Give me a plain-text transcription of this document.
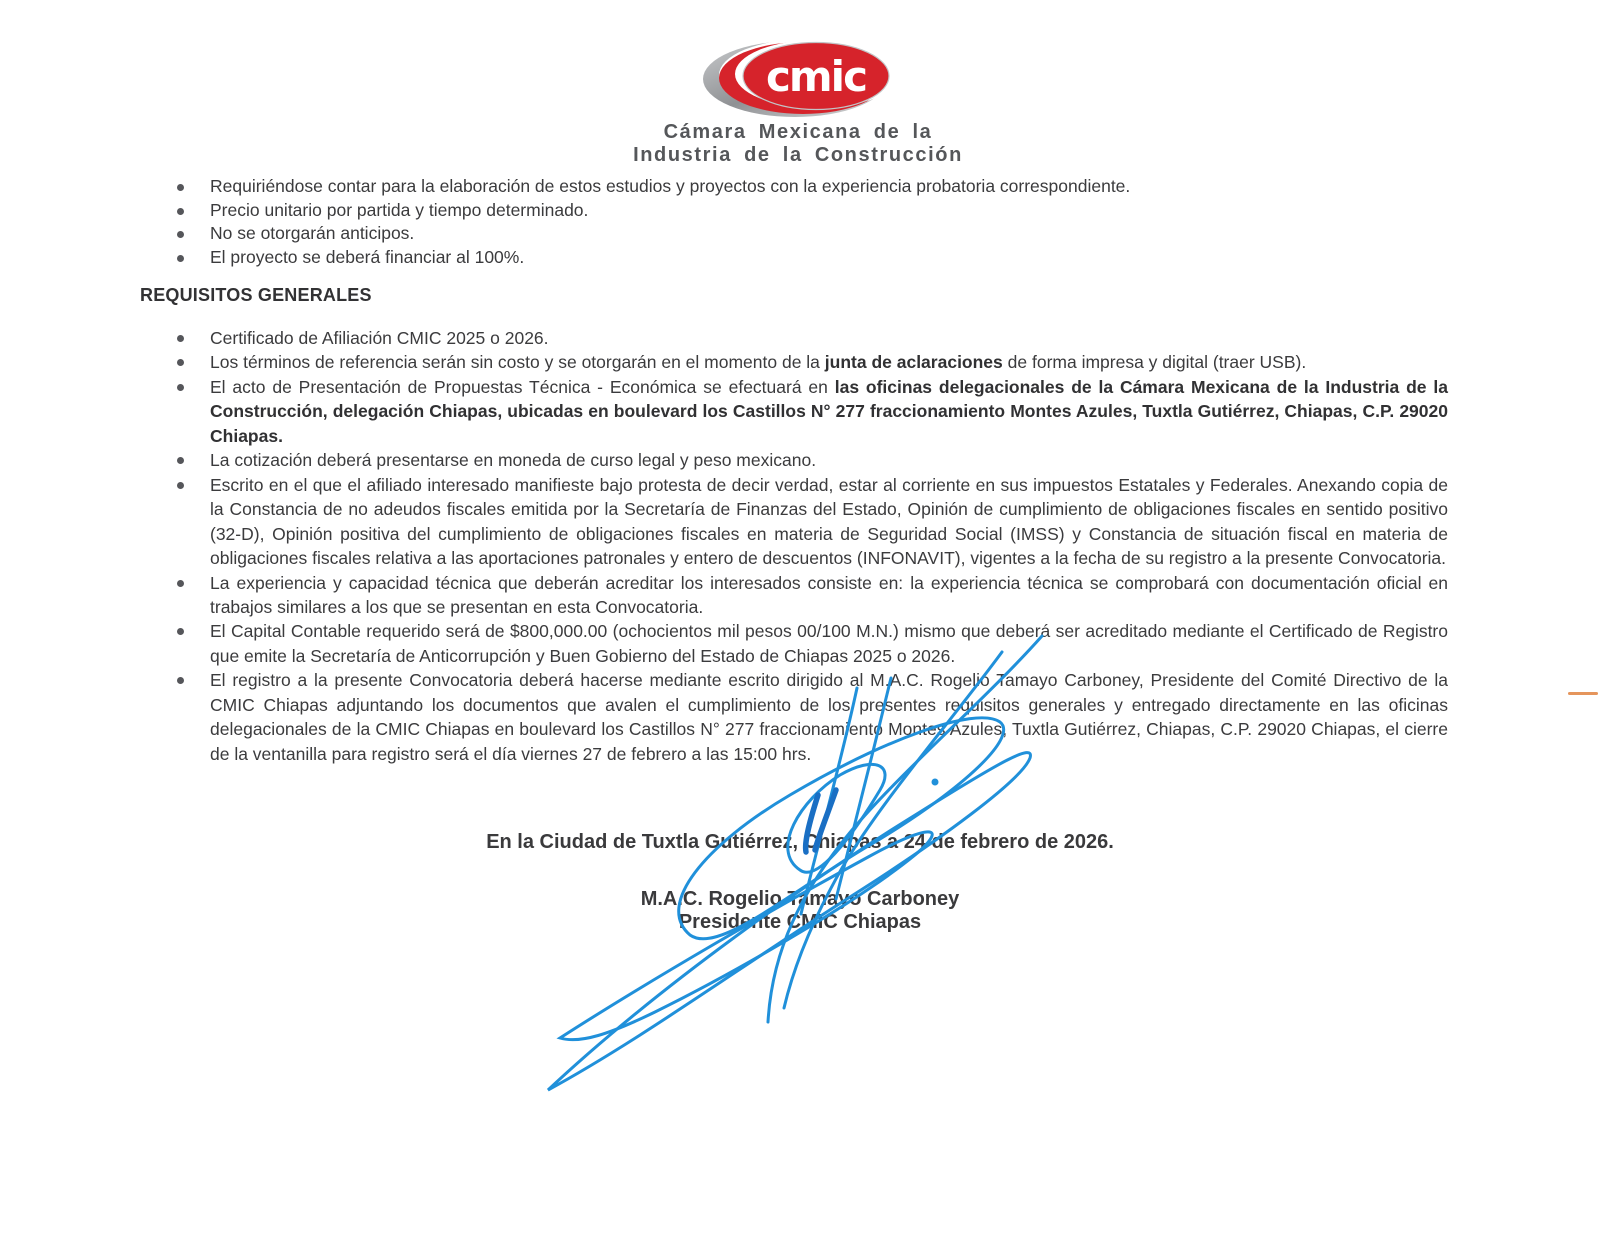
cmic
Cámara Mexicana de la
Industria de la Construcción
Requiriéndose contar para la elaboración de estos estudios y proyectos con la experiencia probatoria correspondiente.
Precio unitario por partida y tiempo determinado.
No se otorgarán anticipos.
El proyecto se deberá financiar al 100%.
REQUISITOS GENERALES
Certificado de Afiliación CMIC 2025 o 2026.
Los términos de referencia serán sin costo y se otorgarán en el momento de la junta de aclaraciones de forma impresa y digital (traer USB).
El acto de Presentación de Propuestas Técnica - Económica se efectuará en las oficinas delegacionales de la Cámara Mexicana de la Industria de la Construcción, delegación Chiapas, ubicadas en boulevard los Castillos N° 277 fraccionamiento Montes Azules, Tuxtla Gutiérrez, Chiapas, C.P. 29020 Chiapas.
La cotización deberá presentarse en moneda de curso legal y peso mexicano.
Escrito en el que el afiliado interesado manifieste bajo protesta de decir verdad, estar al corriente en sus impuestos Estatales y Federales. Anexando copia de la Constancia de no adeudos fiscales emitida por la Secretaría de Finanzas del Estado, Opinión de cumplimiento de obligaciones fiscales en sentido positivo (32-D), Opinión positiva del cumplimiento de obligaciones fiscales en materia de Seguridad Social (IMSS) y Constancia de situación fiscal en materia de obligaciones fiscales relativa a las aportaciones patronales y entero de descuentos (INFONAVIT), vigentes a la fecha de su registro a la presente Convocatoria.
La experiencia y capacidad técnica que deberán acreditar los interesados consiste en: la experiencia técnica se comprobará con documentación oficial en trabajos similares a los que se presentan en esta Convocatoria.
El Capital Contable requerido será de $800,000.00 (ochocientos mil pesos 00/100 M.N.) mismo que deberá ser acreditado mediante el Certificado de Registro que emite la Secretaría de Anticorrupción y Buen Gobierno del Estado de Chiapas 2025 o 2026.
El registro a la presente Convocatoria deberá hacerse mediante escrito dirigido al M.A.C. Rogelio Tamayo Carboney, Presidente del Comité Directivo de la CMIC Chiapas adjuntando los documentos que avalen el cumplimiento de los presentes requisitos generales y entregado directamente en las oficinas delegacionales de la CMIC Chiapas en boulevard los Castillos N° 277 fraccionamiento Montes Azules, Tuxtla Gutiérrez, Chiapas, C.P. 29020 Chiapas, el cierre de la ventanilla para registro será el día viernes 27 de febrero a las 15:00 hrs.
En la Ciudad de Tuxtla Gutiérrez, Chiapas a 24 de febrero de 2026.
M.A.C. Rogelio Tamayo Carboney
Presidente CMIC Chiapas
